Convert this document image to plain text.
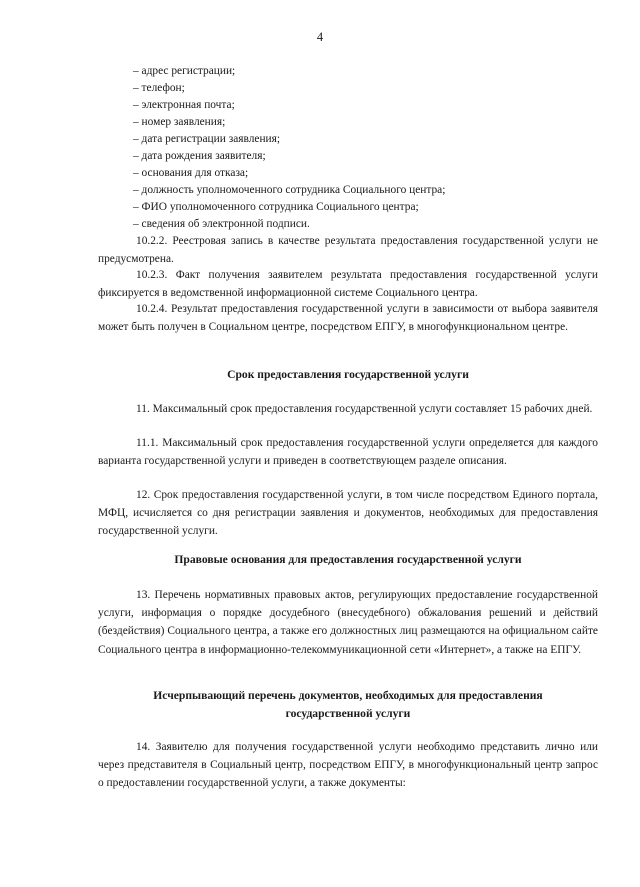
4
– адрес регистрации;
– телефон;
– электронная почта;
– номер заявления;
– дата регистрации заявления;
– дата рождения заявителя;
– основания для отказа;
– должность уполномоченного сотрудника Социального центра;
– ФИО уполномоченного сотрудника Социального центра;
– сведения об электронной подписи.

10.2.2. Реестровая запись в качестве результата предоставления государственной услуги не предусмотрена.

10.2.3. Факт получения заявителем результата предоставления государственной услуги фиксируется в ведомственной информационной системе Социального центра.

10.2.4. Результат предоставления государственной услуги в зависимости от выбора заявителя может быть получен в Социальном центре, посредством ЕПГУ, в многофункциональном центре.

Срок предоставления государственной услуги

11. Максимальный срок предоставления государственной услуги составляет 15 рабочих дней.

11.1. Максимальный срок предоставления государственной услуги определяется для каждого варианта государственной услуги и приведен в соответствующем разделе описания.

12. Срок предоставления государственной услуги, в том числе посредством Единого портала, МФЦ, исчисляется со дня регистрации заявления и документов, необходимых для предоставления государственной услуги.

Правовые основания для предоставления государственной услуги

13. Перечень нормативных правовых актов, регулирующих предоставление государственной услуги, информация о порядке досудебного (внесудебного) обжалования решений и действий (бездействия) Социального центра, а также его должностных лиц размещаются на официальном сайте Социального центра в информационно-телекоммуникационной сети «Интернет», а также на ЕПГУ.

Исчерпывающий перечень документов, необходимых для предоставления
государственной услуги

14. Заявителю для получения государственной услуги необходимо представить лично или через представителя в Социальный центр, посредством ЕПГУ, в многофункциональный центр запрос о предоставлении государственной услуги, а также документы:
